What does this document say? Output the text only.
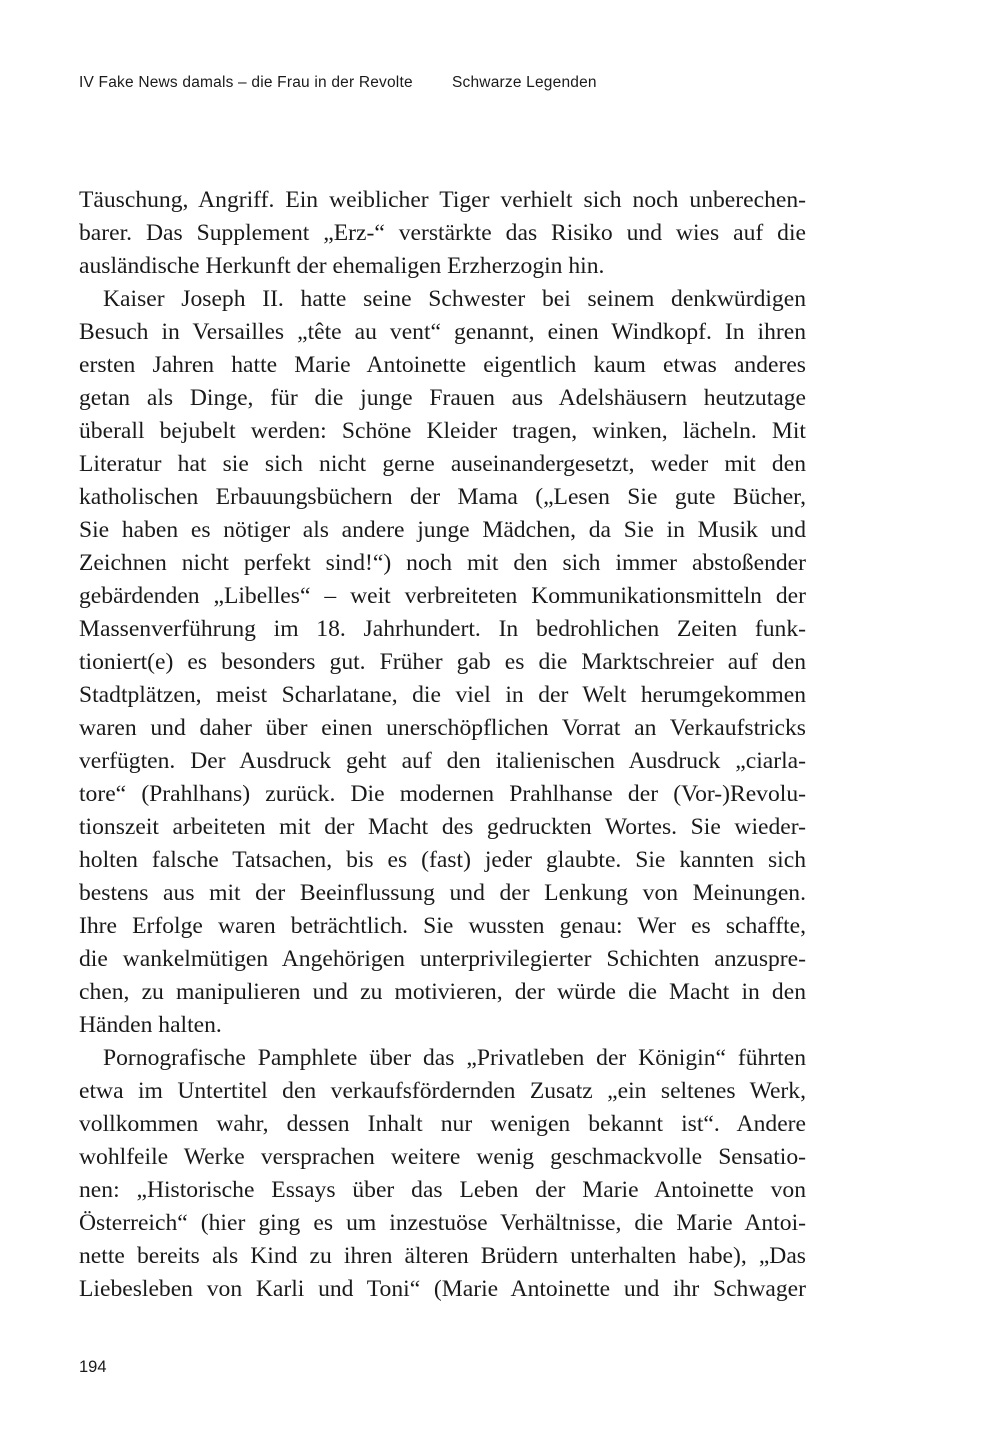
IV Fake News damals – die Frau in der Revolte	Schwarze Legenden
Täuschung, Angriff. Ein weiblicher Tiger verhielt sich noch unberechen-
barer. Das Supplement „Erz-“ verstärkte das Risiko und wies auf die
ausländische Herkunft der ehemaligen Erzherzogin hin.
Kaiser Joseph II. hatte seine Schwester bei seinem denkwürdigen
Besuch in Versailles „tête au vent“ genannt, einen Windkopf. In ihren
ersten Jahren hatte Marie Antoinette eigentlich kaum etwas anderes
getan als Dinge, für die junge Frauen aus Adelshäusern heutzutage
überall bejubelt werden: Schöne Kleider tragen, winken, lächeln. Mit
Literatur hat sie sich nicht gerne auseinandergesetzt, weder mit den
katholischen Erbauungsbüchern der Mama („Lesen Sie gute Bücher,
Sie haben es nötiger als andere junge Mädchen, da Sie in Musik und
Zeichnen nicht perfekt sind!“) noch mit den sich immer abstoßender
gebärdenden „Libelles“ – weit verbreiteten Kommunikationsmitteln der
Massenverführung im 18. Jahrhundert. In bedrohlichen Zeiten funk-
tioniert(e) es besonders gut. Früher gab es die Marktschreier auf den
Stadtplätzen, meist Scharlatane, die viel in der Welt herumgekommen
waren und daher über einen unerschöpflichen Vorrat an Verkaufstricks
verfügten. Der Ausdruck geht auf den italienischen Ausdruck „ciarla-
tore“ (Prahlhans) zurück. Die modernen Prahlhanse der (Vor-)Revolu-
tionszeit arbeiteten mit der Macht des gedruckten Wortes. Sie wieder-
holten falsche Tatsachen, bis es (fast) jeder glaubte. Sie kannten sich
bestens aus mit der Beeinflussung und der Lenkung von Meinungen.
Ihre Erfolge waren beträchtlich. Sie wussten genau: Wer es schaffte,
die wankelmütigen Angehörigen unterprivilegierter Schichten anzuspre-
chen, zu manipulieren und zu motivieren, der würde die Macht in den
Händen halten.
Pornografische Pamphlete über das „Privatleben der Königin“ führten
etwa im Untertitel den verkaufsfördernden Zusatz „ein seltenes Werk,
vollkommen wahr, dessen Inhalt nur wenigen bekannt ist“. Andere
wohlfeile Werke versprachen weitere wenig geschmackvolle Sensatio-
nen: „Historische Essays über das Leben der Marie Antoinette von
Österreich“ (hier ging es um inzestuöse Verhältnisse, die Marie Antoi-
nette bereits als Kind zu ihren älteren Brüdern unterhalten habe), „Das
Liebesleben von Karli und Toni“ (Marie Antoinette und ihr Schwager
194
